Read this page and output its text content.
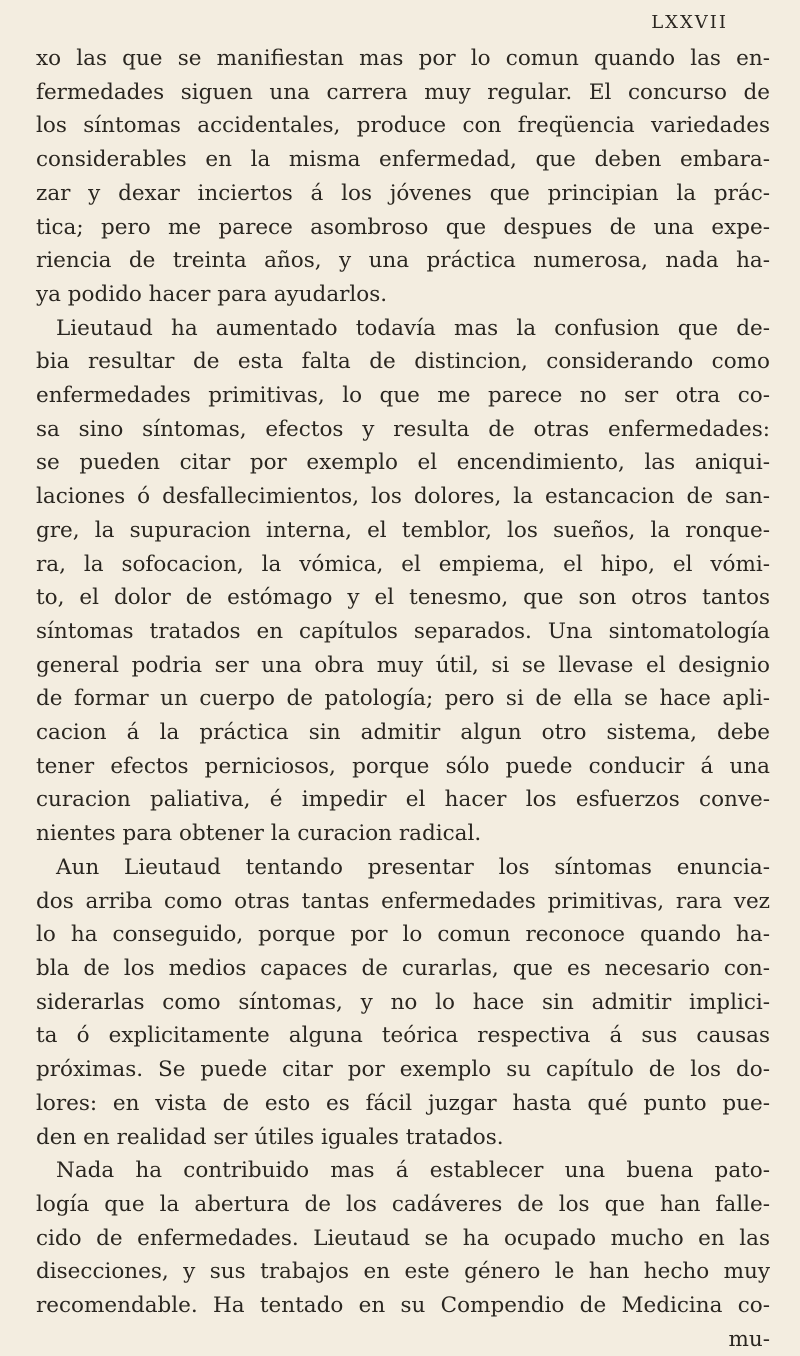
LXXVII
xo las que se manifiestan mas por lo comun quando las en-
fermedades siguen una carrera muy regular. El concurso de
los síntomas accidentales, produce con freqüencia variedades
considerables en la misma enfermedad, que deben embara-
zar y dexar inciertos á los jóvenes que principian la prác-
tica; pero me parece asombroso que despues de una expe-
riencia de treinta años, y una práctica numerosa, nada ha-
ya podido hacer para ayudarlos.
Lieutaud ha aumentado todavía mas la confusion que de-
bia resultar de esta falta de distincion, considerando como
enfermedades primitivas, lo que me parece no ser otra co-
sa sino síntomas, efectos y resulta de otras enfermedades:
se pueden citar por exemplo el encendimiento, las aniqui-
laciones ó desfallecimientos, los dolores, la estancacion de san-
gre, la supuracion interna, el temblor, los sueños, la ronque-
ra, la sofocacion, la vómica, el empiema, el hipo, el vómi-
to, el dolor de estómago y el tenesmo, que son otros tantos
síntomas tratados en capítulos separados. Una sintomatología
general podria ser una obra muy útil, si se llevase el designio
de formar un cuerpo de patología; pero si de ella se hace apli-
cacion á la práctica sin admitir algun otro sistema, debe
tener efectos perniciosos, porque sólo puede conducir á una
curacion paliativa, é impedir el hacer los esfuerzos conve-
nientes para obtener la curacion radical.
Aun Lieutaud tentando presentar los síntomas enuncia-
dos arriba como otras tantas enfermedades primitivas, rara vez
lo ha conseguido, porque por lo comun reconoce quando ha-
bla de los medios capaces de curarlas, que es necesario con-
siderarlas como síntomas, y no lo hace sin admitir implici-
ta ó explicitamente alguna teórica respectiva á sus causas
próximas. Se puede citar por exemplo su capítulo de los do-
lores: en vista de esto es fácil juzgar hasta qué punto pue-
den en realidad ser útiles iguales tratados.
Nada ha contribuido mas á establecer una buena pato-
logía que la abertura de los cadáveres de los que han falle-
cido de enfermedades. Lieutaud se ha ocupado mucho en las
disecciones, y sus trabajos en este género le han hecho muy
recomendable. Ha tentado en su Compendio de Medicina co-
mu-
